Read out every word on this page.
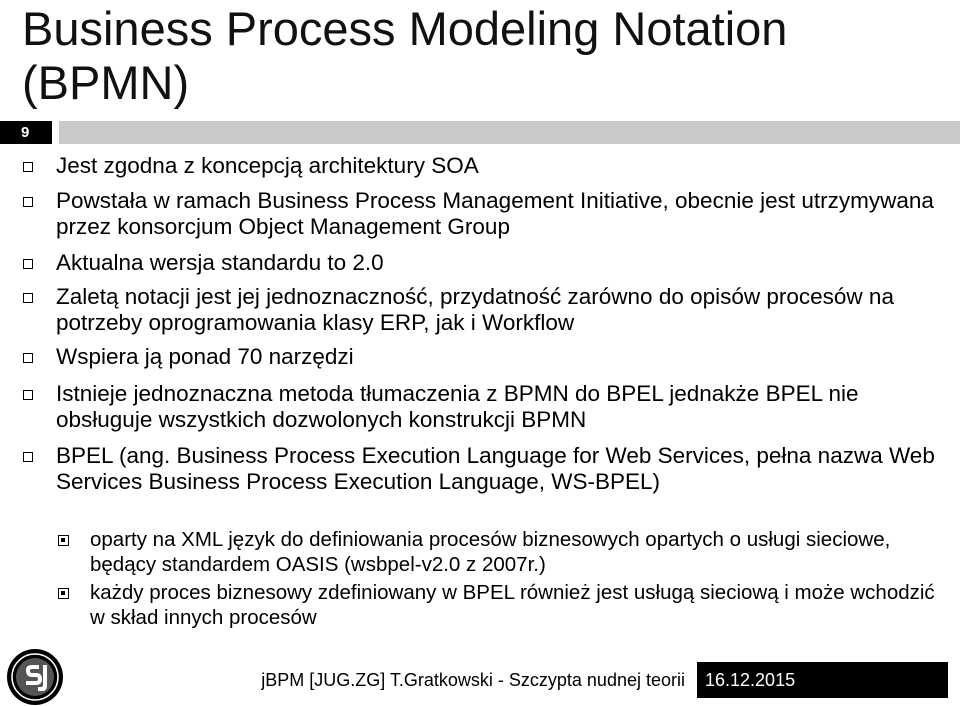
Business Process Modeling Notation (BPMN)
9
Jest zgodna z koncepcją architektury SOA
Powstała w ramach Business Process Management Initiative, obecnie jest utrzymywana przez konsorcjum Object Management Group
Aktualna wersja standardu to 2.0
Zaletą notacji jest jej jednoznaczność, przydatność zarówno do opisów procesów na potrzeby oprogramowania klasy ERP, jak i Workflow
Wspiera ją ponad 70 narzędzi
Istnieje jednoznaczna metoda tłumaczenia z BPMN do BPEL jednakże BPEL nie obsługuje wszystkich dozwolonych konstrukcji BPMN
BPEL (ang. Business Process Execution Language for Web Services, pełna nazwa Web Services Business Process Execution Language, WS-BPEL)
oparty na XML język do definiowania procesów biznesowych opartych o usługi sieciowe, będący standardem OASIS (wsbpel-v2.0 z 2007r.)
każdy proces biznesowy zdefiniowany w BPEL również jest usługą sieciową i może wchodzić w skład innych procesów
jBPM [JUG.ZG] T.Gratkowski - Szczypta nudnej teorii	16.12.2015
